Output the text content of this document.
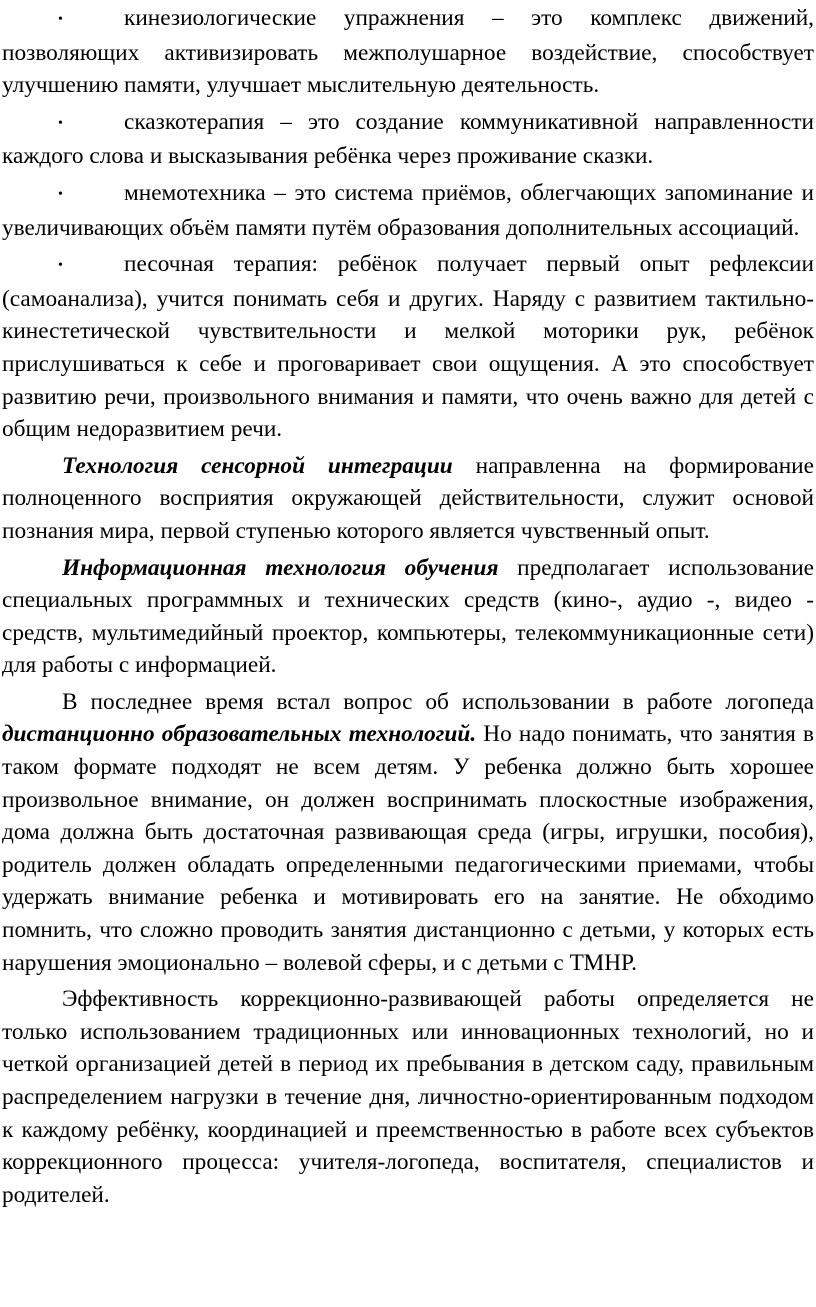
•	кинезиологические упражнения – это комплекс движений, позволяющих активизировать межполушарное воздействие, способствует улучшению памяти, улучшает мыслительную деятельность.

•	сказкотерапия – это создание коммуникативной направленности каждого слова и высказывания ребёнка через проживание сказки.

•	мнемотехника – это система приёмов, облегчающих запоминание и увеличивающих объём памяти путём образования дополнительных ассоциаций.

•	песочная терапия: ребёнок получает первый опыт рефлексии (самоанализа), учится понимать себя и других. Наряду с развитием тактильно-кинестетической чувствительности и мелкой моторики рук, ребёнок прислушиваться к себе и проговаривает свои ощущения. А это способствует развитию речи, произвольного внимания и памяти, что очень важно для детей с общим недоразвитием речи.

Технология сенсорной интеграции направленна на формирование полноценного восприятия окружающей действительности, служит основой познания мира, первой ступенью которого является чувственный опыт.

Информационная технология обучения предполагает использование специальных программных и технических средств (кино-, аудио -, видео - средств, мультимедийный проектор, компьютеры, телекоммуникационные сети) для работы с информацией.

В последнее время встал вопрос об использовании в работе логопеда дистанционно образовательных технологий. Но надо понимать, что занятия в таком формате подходят не всем детям. У ребенка должно быть хорошее произвольное внимание, он должен воспринимать плоскостные изображения, дома должна быть достаточная развивающая среда (игры, игрушки, пособия), родитель должен обладать определенными педагогическими приемами, чтобы удержать внимание ребенка и мотивировать его на занятие. Не обходимо помнить, что сложно проводить занятия дистанционно с детьми, у которых есть нарушения эмоционально – волевой сферы, и с детьми с ТМНР.

Эффективность коррекционно-развивающей работы определяется не только использованием традиционных или инновационных технологий, но и четкой организацией детей в период их пребывания в детском саду, правильным распределением нагрузки в течение дня, личностно-ориентированным подходом к каждому ребёнку, координацией и преемственностью в работе всех субъектов коррекционного процесса: учителя-логопеда, воспитателя, специалистов и родителей.
